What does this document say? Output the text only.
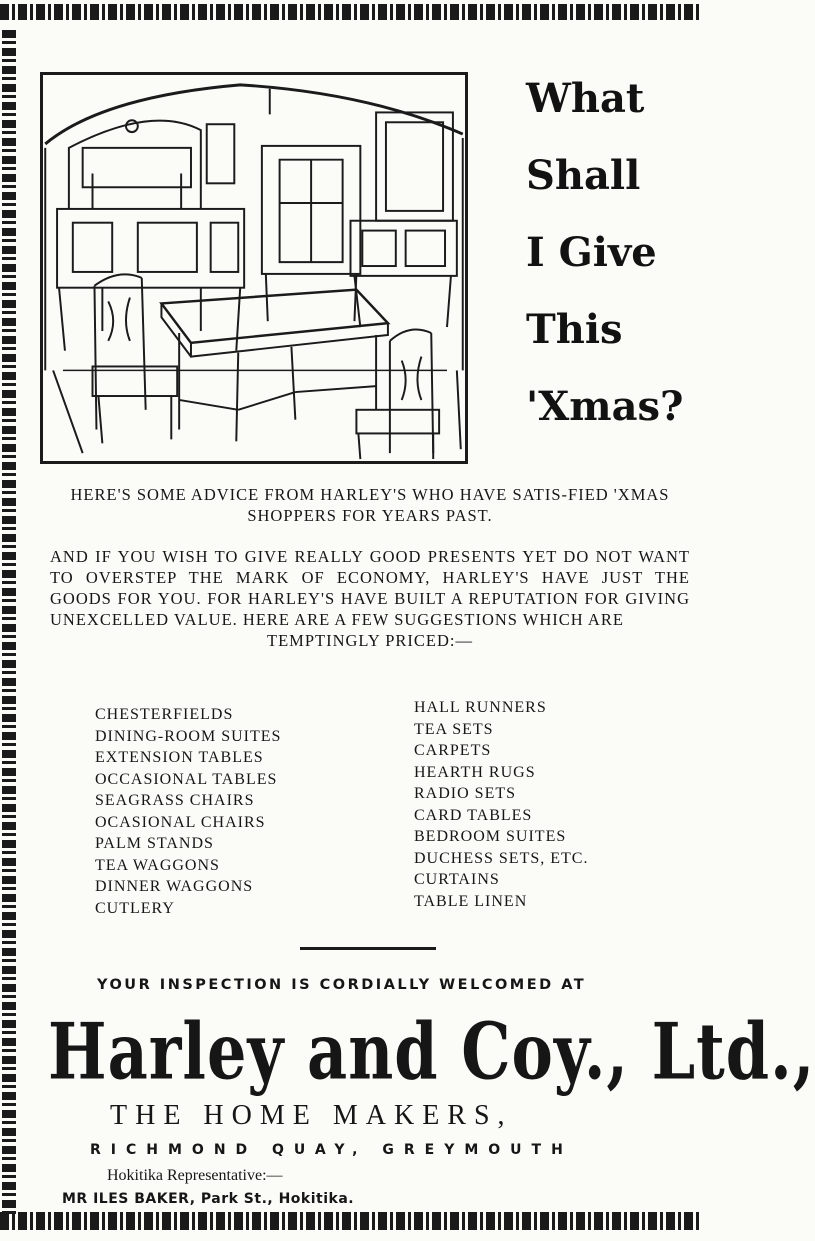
What
Shall
I Give
This
'Xmas?
HERE'S SOME ADVICE FROM HARLEY'S WHO HAVE SATIS-FIED 'XMAS SHOPPERS FOR YEARS PAST.
AND IF YOU WISH TO GIVE REALLY GOOD PRESENTS YET DO NOT WANT TO OVERSTEP THE MARK OF ECONOMY, HARLEY'S HAVE JUST THE GOODS FOR YOU. FOR HARLEY'S HAVE BUILT A REPUTATION FOR GIVING UNEXCELLED VALUE. HERE ARE A FEW SUGGESTIONS WHICH ARE
TEMPTINGLY PRICED:—
CHESTERFIELDS
DINING-ROOM SUITES
EXTENSION TABLES
OCCASIONAL TABLES
SEAGRASS CHAIRS
OCASIONAL CHAIRS
PALM STANDS
TEA WAGGONS
DINNER WAGGONS
CUTLERY
HALL RUNNERS
TEA SETS
CARPETS
HEARTH RUGS
RADIO SETS
CARD TABLES
BEDROOM SUITES
DUCHESS SETS, ETC.
CURTAINS
TABLE LINEN
YOUR INSPECTION IS CORDIALLY WELCOMED AT
Harley and Coy., Ltd.,
THE HOME MAKERS,
RICHMOND QUAY, GREYMOUTH
Hokitika Representative:—
MR ILES BAKER, Park St., Hokitika.
